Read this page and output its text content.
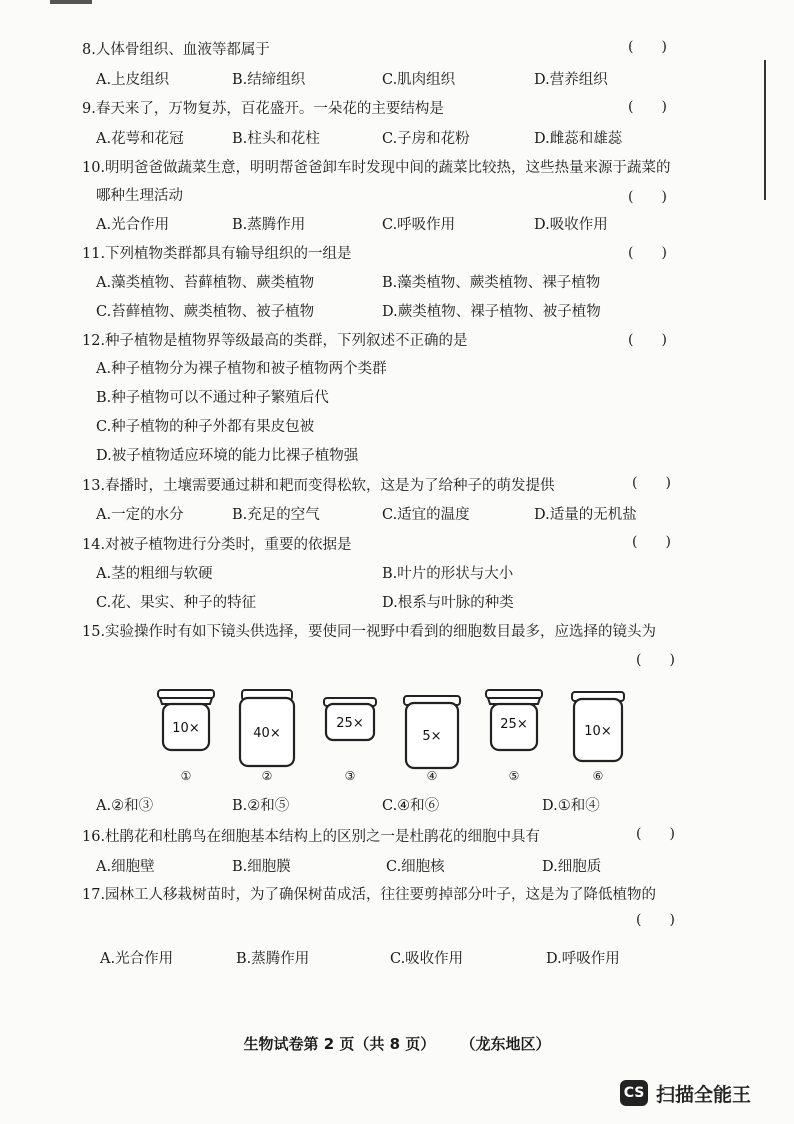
8.人体骨组织、血液等都属于	(　　)
A.上皮组织	B.结缔组织	C.肌肉组织	D.营养组织
9.春天来了，万物复苏，百花盛开。一朵花的主要结构是	(　　)
A.花萼和花冠	B.柱头和花柱	C.子房和花粉	D.雌蕊和雄蕊
10.明明爸爸做蔬菜生意，明明帮爸爸卸车时发现中间的蔬菜比较热，这些热量来源于蔬菜的
哪种生理活动	(　　)
A.光合作用	B.蒸腾作用	C.呼吸作用	D.吸收作用
11.下列植物类群都具有输导组织的一组是	(　　)
A.藻类植物、苔藓植物、蕨类植物	B.藻类植物、蕨类植物、裸子植物
C.苔藓植物、蕨类植物、被子植物	D.蕨类植物、裸子植物、被子植物
12.种子植物是植物界等级最高的类群，下列叙述不正确的是	(　　)
A.种子植物分为裸子植物和被子植物两个类群
B.种子植物可以不通过种子繁殖后代
C.种子植物的种子外都有果皮包被
D.被子植物适应环境的能力比裸子植物强
13.春播时，土壤需要通过耕和耙而变得松软，这是为了给种子的萌发提供	(　　)
A.一定的水分	B.充足的空气	C.适宜的温度	D.适量的无机盐
14.对被子植物进行分类时，重要的依据是	(　　)
A.茎的粗细与软硬	B.叶片的形状与大小
C.花、果实、种子的特征	D.根系与叶脉的种类
15.实验操作时有如下镜头供选择，要使同一视野中看到的细胞数目最多，应选择的镜头为
(　　)
10×
①
40×
②
25×
③
5×
④
25×
⑤
10×
⑥
A.②和③	B.②和⑤	C.④和⑥	D.①和④
16.杜鹃花和杜鹃鸟在细胞基本结构上的区别之一是杜鹃花的细胞中具有	(　　)
A.细胞壁	B.细胞膜	C.细胞核	D.细胞质
17.园林工人移栽树苗时，为了确保树苗成活，往往要剪掉部分叶子，这是为了降低植物的
(　　)
A.光合作用	B.蒸腾作用	C.吸收作用	D.呼吸作用
生物试卷第 2 页（共 8 页） （龙东地区）
CS 扫描全能王
